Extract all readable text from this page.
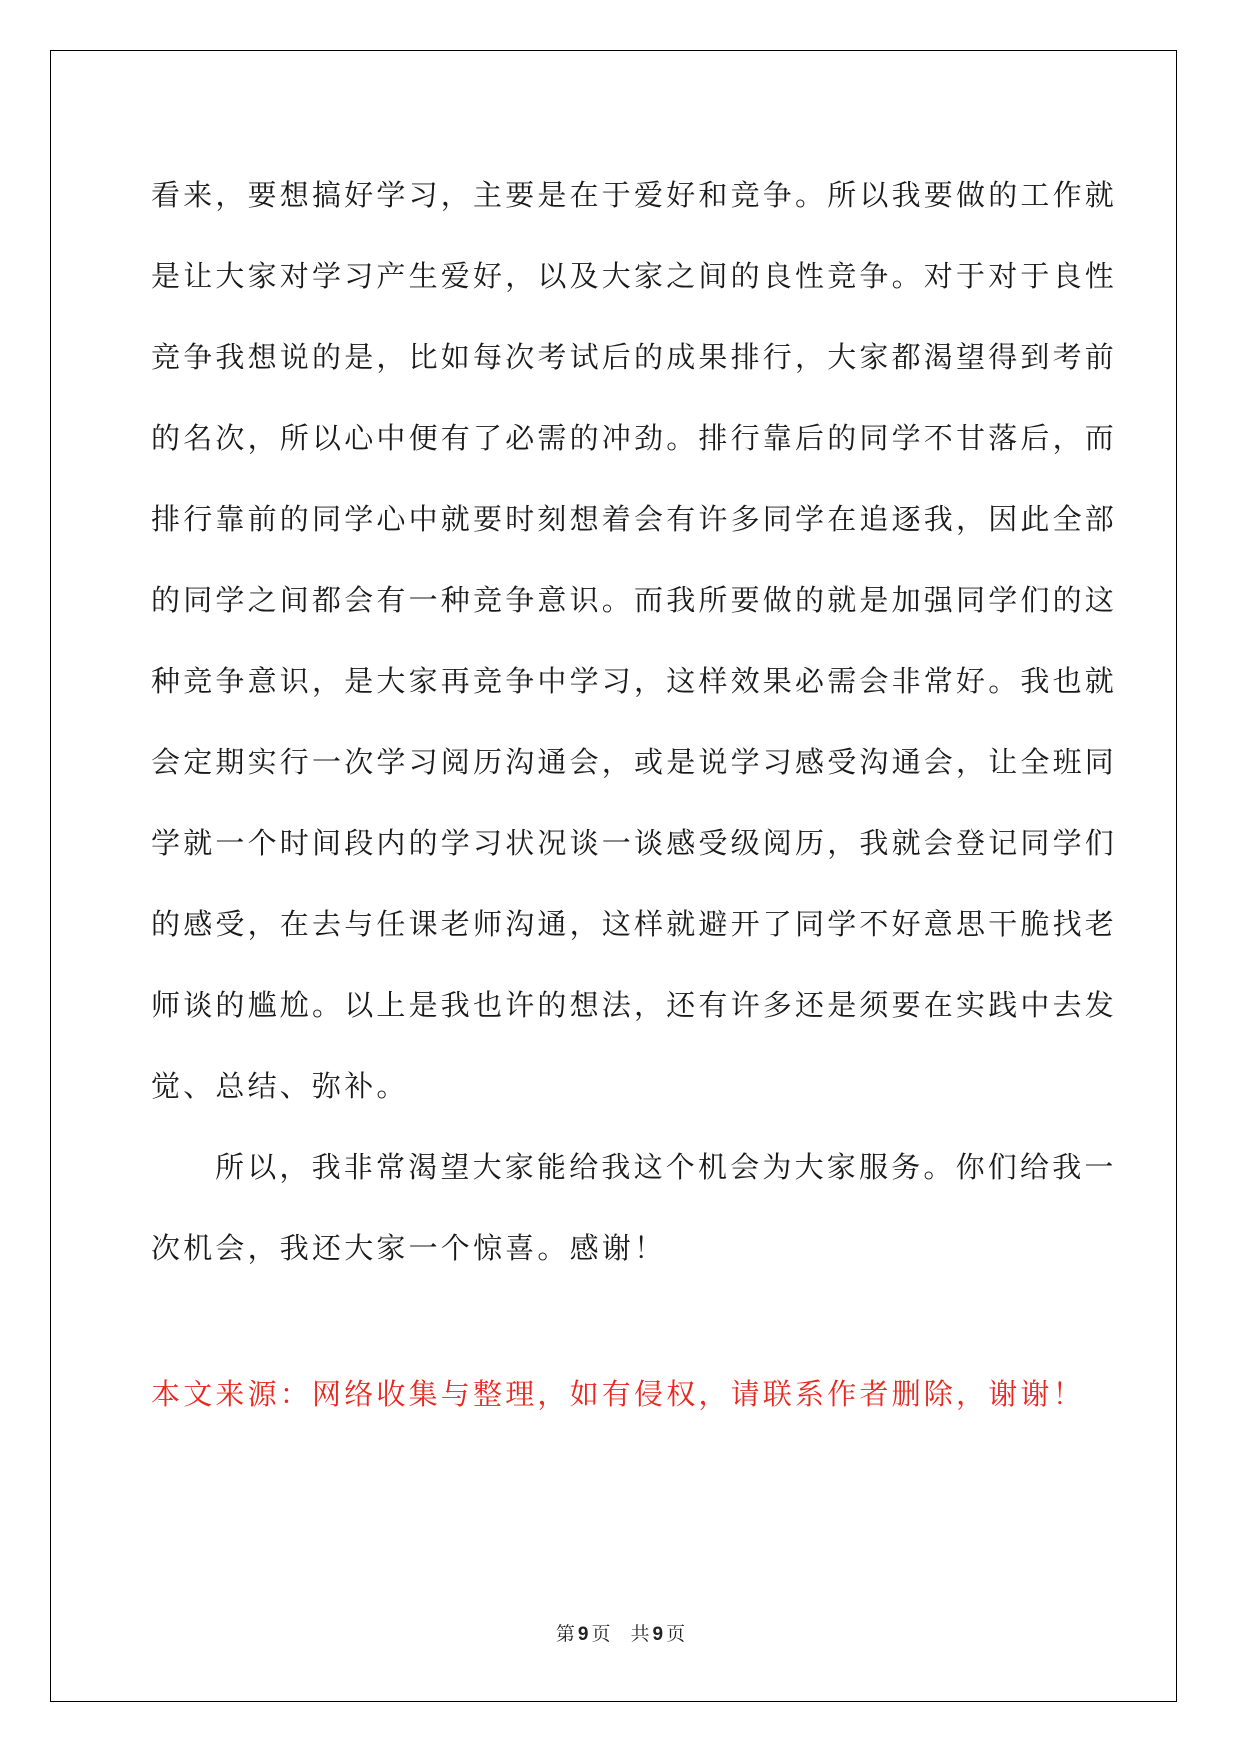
看来，要想搞好学习，主要是在于爱好和竞争。所以我要做的工作就
是让大家对学习产生爱好，以及大家之间的良性竞争。对于对于良性
竞争我想说的是，比如每次考试后的成果排行，大家都渴望得到考前
的名次，所以心中便有了必需的冲劲。排行靠后的同学不甘落后，而
排行靠前的同学心中就要时刻想着会有许多同学在追逐我，因此全部
的同学之间都会有一种竞争意识。而我所要做的就是加强同学们的这
种竞争意识，是大家再竞争中学习，这样效果必需会非常好。我也就
会定期实行一次学习阅历沟通会，或是说学习感受沟通会，让全班同
学就一个时间段内的学习状况谈一谈感受级阅历，我就会登记同学们
的感受，在去与任课老师沟通，这样就避开了同学不好意思干脆找老
师谈的尴尬。以上是我也许的想法，还有许多还是须要在实践中去发
觉、总结、弥补。

所以，我非常渴望大家能给我这个机会为大家服务。你们给我一
次机会，我还大家一个惊喜。感谢！

本文来源：网络收集与整理，如有侵权，请联系作者删除，谢谢！
第 9 页 共 9 页
